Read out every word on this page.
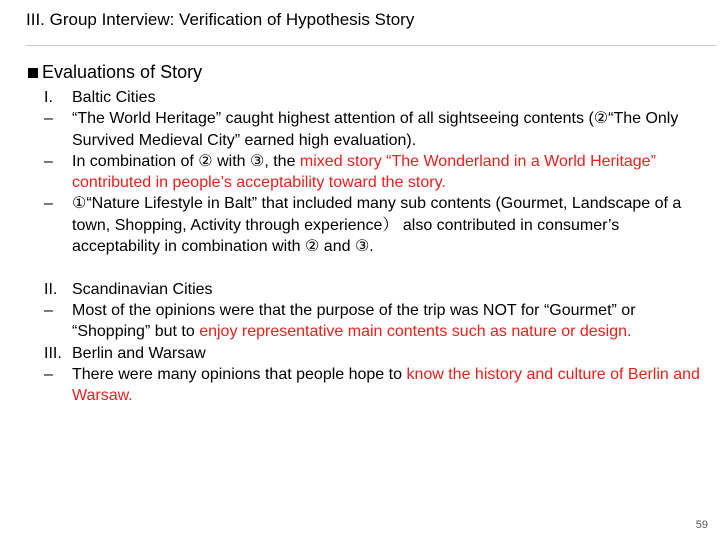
III. Group Interview: Verification of Hypothesis Story
Evaluations of Story
I.	Baltic Cities
–	“The World Heritage” caught highest attention of all sightseeing contents (②“The Only Survived Medieval City” earned high evaluation).
–	In combination of ② with ③, the mixed story “The Wonderland in a World Heritage” contributed in people’s acceptability toward the story.
–	①“Nature Lifestyle in Balt” that included many sub contents (Gourmet, Landscape of a town, Shopping, Activity through experience） also contributed in consumer’s acceptability in combination with ② and ③.
II. Scandinavian Cities
–	Most of the opinions were that the purpose of the trip was NOT for “Gourmet” or “Shopping” but to enjoy representative main contents such as nature or design.
III. Berlin and Warsaw
–	There were many opinions that people hope to know the history and culture of Berlin and Warsaw.
59
